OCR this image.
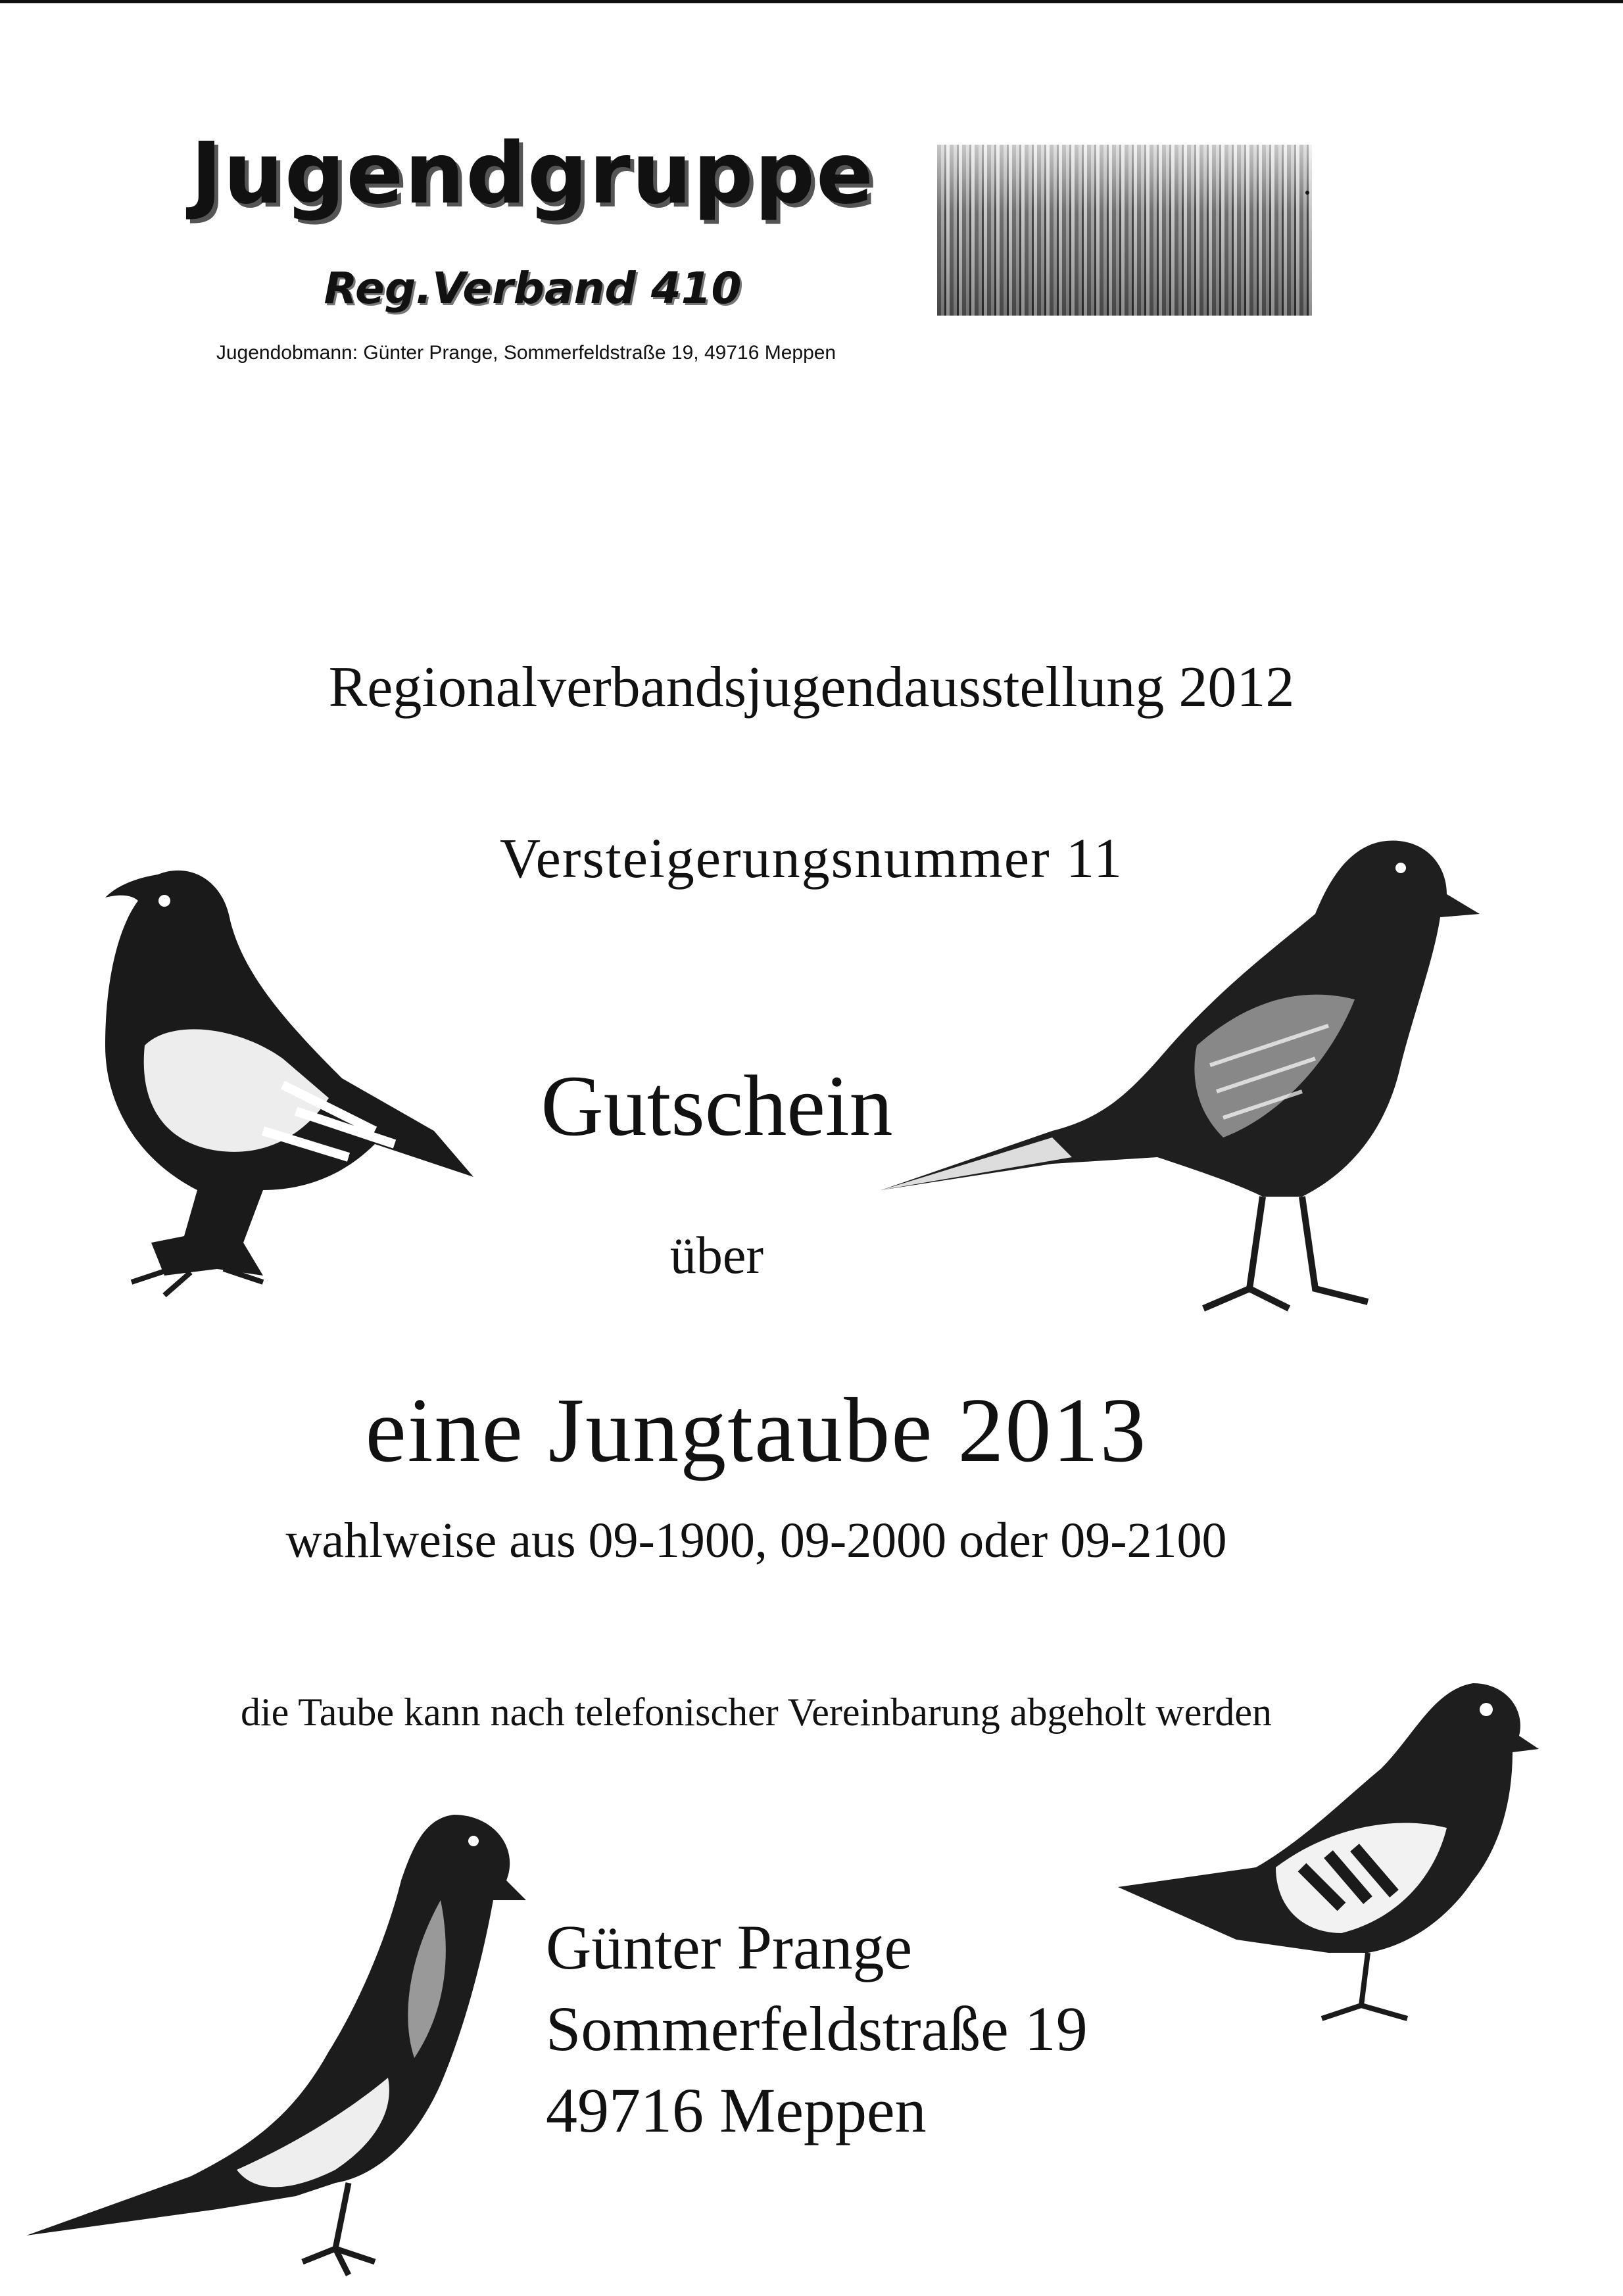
Jugendgruppe
Reg.Verband 410
Jugendobmann: Günter Prange, Sommerfeldstraße 19, 49716 Meppen
Regionalverbandsjugendausstellung 2012
Versteigerungsnummer 11
Gutschein
über
eine Jungtaube 2013
wahlweise aus 09-1900, 09-2000 oder 09-2100
die Taube kann nach telefonischer Vereinbarung abgeholt werden
Günter Prange
Sommerfeldstraße 19
49716 Meppen
